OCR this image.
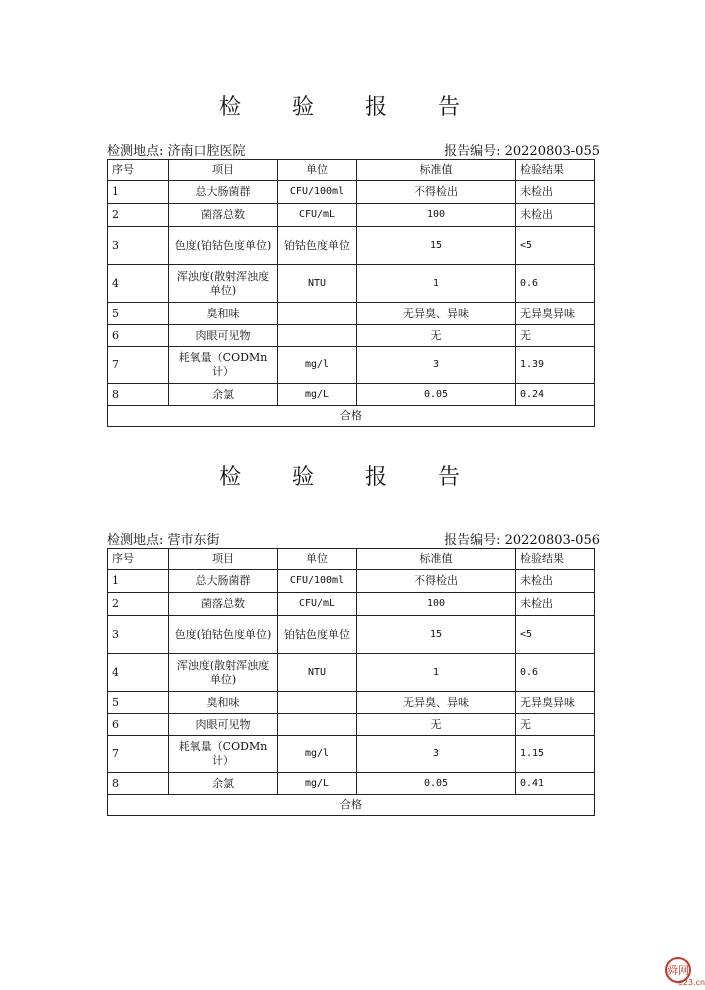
检 验 报 告
检测地点: 济南口腔医院	报告编号: 20220803-055
序号	项目	单位	标准值	检验结果
1	总大肠菌群	CFU/100ml	不得检出	未检出
2	菌落总数	CFU/mL	100	未检出
3	色度(铂钴色度单位)	铂钴色度单位	15	<5
4	浑浊度(散射浑浊度单位)	NTU	1	0.6
5	臭和味		无异臭、异味	无异臭异味
6	肉眼可见物		无	无
7	耗氧量（CODMn计）	mg/l	3	1.39
8	余氯	mg/L	0.05	0.24
合格				
检 验 报 告
检测地点: 营市东街	报告编号: 20220803-056
序号	项目	单位	标准值	检验结果
1	总大肠菌群	CFU/100ml	不得检出	未检出
2	菌落总数	CFU/mL	100	未检出
3	色度(铂钴色度单位)	铂钴色度单位	15	<5
4	浑浊度(散射浑浊度单位)	NTU	1	0.6
5	臭和味		无异臭、异味	无异臭异味
6	肉眼可见物		无	无
7	耗氧量（CODMn计）	mg/l	3	1.15
8	余氯	mg/L	0.05	0.41
合格				
舜网
e23.cn
